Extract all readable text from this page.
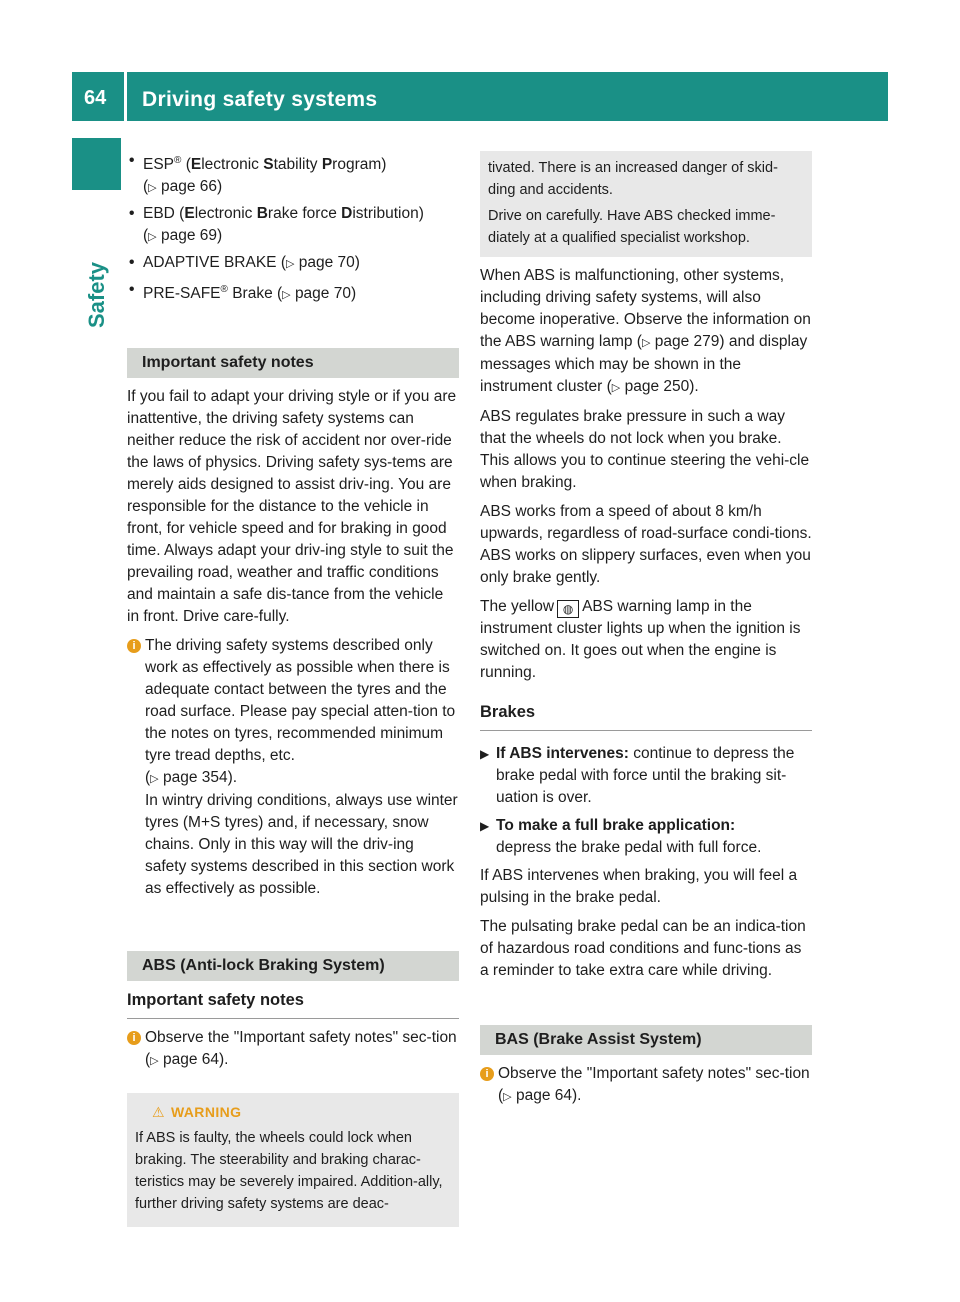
64 Driving safety systems
Safety
• ESP® (Electronic Stability Program)
(▷ page 66)
• EBD (Electronic Brake force Distribution)
(▷ page 69)
• ADAPTIVE BRAKE (▷ page 70)
• PRE-SAFE® Brake (▷ page 70)
Important safety notes

If you fail to adapt your driving style or if you are inattentive, the driving safety systems can neither reduce the risk of accident nor over-ride the laws of physics. Driving safety sys-tems are merely aids designed to assist driv-ing. You are responsible for the distance to the vehicle in front, for vehicle speed and for braking in good time. Always adapt your driv-ing style to suit the prevailing road, weather and traffic conditions and maintain a safe dis-tance from the vehicle in front. Drive care-fully.

i The driving safety systems described only work as effectively as possible when there is adequate contact between the tyres and the road surface. Please pay special atten-tion to the notes on tyres, recommended minimum tyre tread depths, etc.
(▷ page 354).

In wintry driving conditions, always use winter tyres (M+S tyres) and, if necessary, snow chains. Only in this way will the driv-ing safety systems described in this section work as effectively as possible.

ABS (Anti-lock Braking System)
Important safety notes
i Observe the "Important safety notes" sec-tion (▷ page 64).

⚠ WARNING

If ABS is faulty, the wheels could lock when braking. The steerability and braking charac-teristics may be severely impaired. Addition-ally, further driving safety systems are deac-

tivated. There is an increased danger of skid-ding and accidents.

Drive on carefully. Have ABS checked imme-diately at a qualified specialist workshop.

When ABS is malfunctioning, other systems, including driving safety systems, will also become inoperative. Observe the information on the ABS warning lamp (▷ page 279) and display messages which may be shown in the instrument cluster (▷ page 250).

ABS regulates brake pressure in such a way that the wheels do not lock when you brake. This allows you to continue steering the vehi-cle when braking.

ABS works from a speed of about 8 km/h upwards, regardless of road-surface condi-tions. ABS works on slippery surfaces, even when you only brake gently.

The yellow ◍ ABS warning lamp in the instrument cluster lights up when the ignition is switched on. It goes out when the engine is running.

Brakes
▶ If ABS intervenes: continue to depress the brake pedal with force until the braking sit-uation is over.
▶ To make a full brake application:
depress the brake pedal with full force.

If ABS intervenes when braking, you will feel a pulsing in the brake pedal.

The pulsating brake pedal can be an indica-tion of hazardous road conditions and func-tions as a reminder to take extra care while driving.

BAS (Brake Assist System)
i Observe the "Important safety notes" sec-tion (▷ page 64).
